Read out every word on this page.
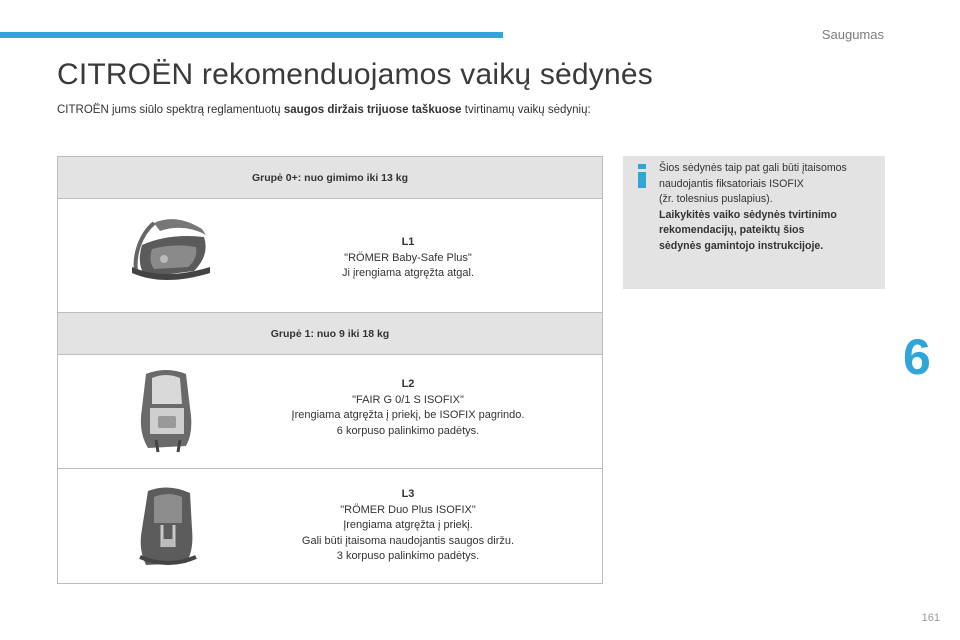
Saugumas
CITROËN rekomenduojamos vaikų sėdynės
CITROËN jums siūlo spektrą reglamentuotų saugos diržais trijuose taškuose tvirtinamų vaikų sėdynių:
Grupė 0+: nuo gimimo iki 13 kg
L1
"RÖMER Baby-Safe Plus"
Ji įrengiama atgręžta atgal.
Grupė 1: nuo 9 iki 18 kg
L2
"FAIR G 0/1 S ISOFIX"
Įrengiama atgręžta į priekį, be ISOFIX pagrindo.
6 korpuso palinkimo padėtys.
L3
"RÖMER Duo Plus ISOFIX"
Įrengiama atgręžta į priekį.
Gali būti įtaisoma naudojantis saugos diržu.
3 korpuso palinkimo padėtys.
Šios sėdynės taip pat gali būti įtaisomos
naudojantis fiksatoriais ISOFIX
(žr. tolesnius puslapius).
Laikykitės vaiko sėdynės tvirtinimo
rekomendacijų, pateiktų šios
sėdynės gamintojo instrukcijoje.
6
161
